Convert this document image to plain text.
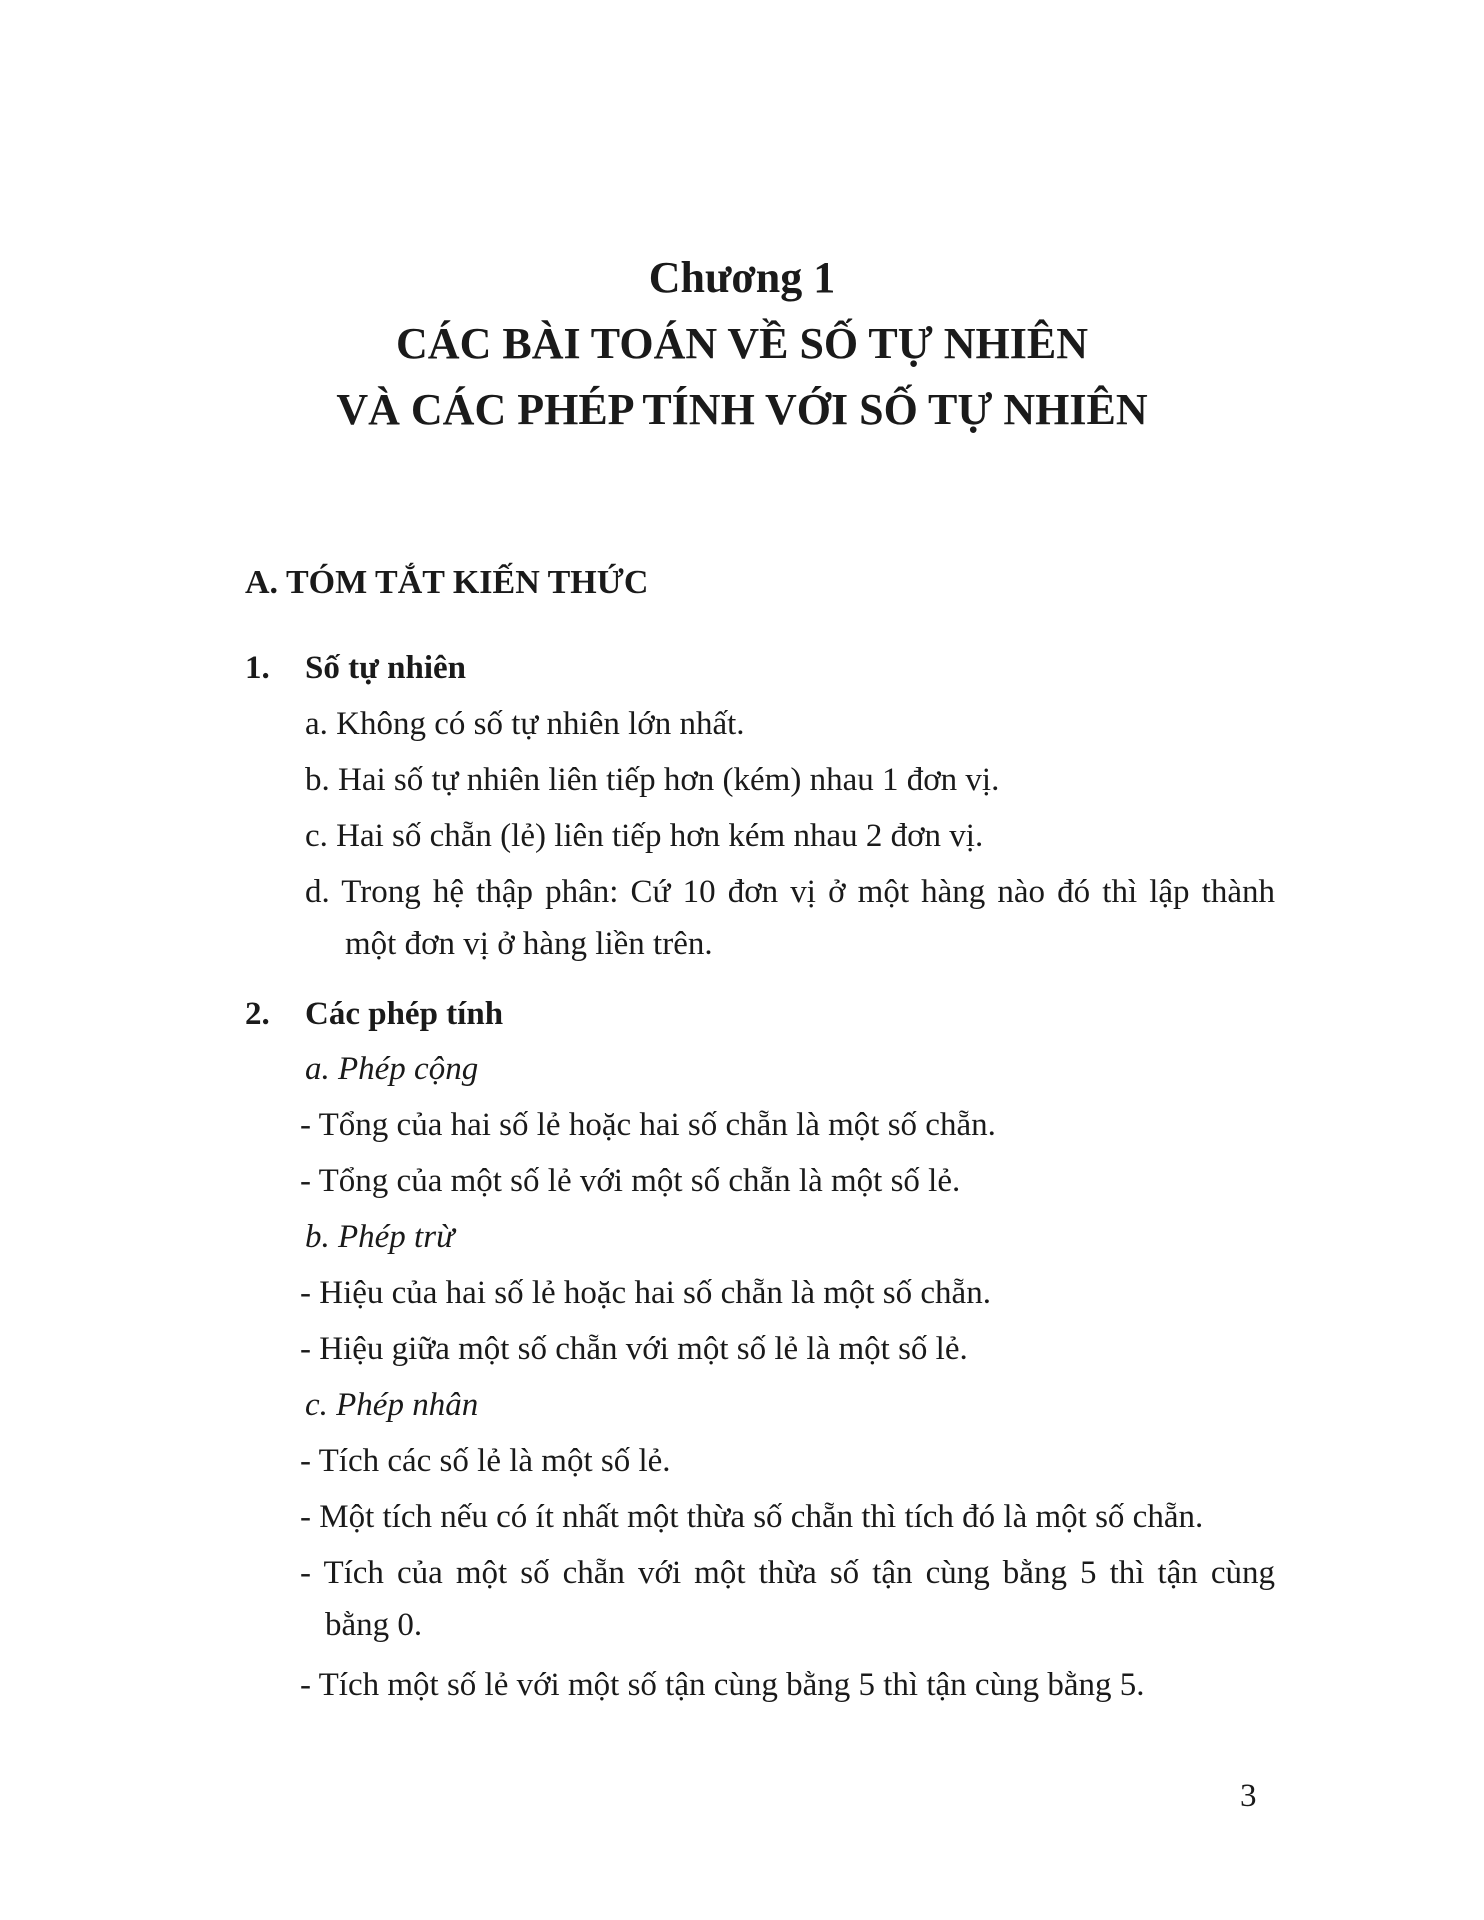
Chương 1
CÁC BÀI TOÁN VỀ SỐ TỰ NHIÊN
VÀ CÁC PHÉP TÍNH VỚI SỐ TỰ NHIÊN
A. TÓM TẮT KIẾN THỨC
1. Số tự nhiên
a. Không có số tự nhiên lớn nhất.
b. Hai số tự nhiên liên tiếp hơn (kém) nhau 1 đơn vị.
c. Hai số chẵn (lẻ) liên tiếp hơn kém nhau 2 đơn vị.
d. Trong hệ thập phân: Cứ 10 đơn vị ở một hàng nào đó thì lập thành
một đơn vị ở hàng liền trên.
2. Các phép tính
a. Phép cộng
- Tổng của hai số lẻ hoặc hai số chẵn là một số chẵn.
- Tổng của một số lẻ với một số chẵn là một số lẻ.
b. Phép trừ
- Hiệu của hai số lẻ hoặc hai số chẵn là một số chẵn.
- Hiệu giữa một số chẵn với một số lẻ là một số lẻ.
c. Phép nhân
- Tích các số lẻ là một số lẻ.
- Một tích nếu có ít nhất một thừa số chẵn thì tích đó là một số chẵn.
- Tích của một số chẵn với một thừa số tận cùng bằng 5 thì tận cùng
bằng 0.
- Tích một số lẻ với một số tận cùng bằng 5 thì tận cùng bằng 5.
3
